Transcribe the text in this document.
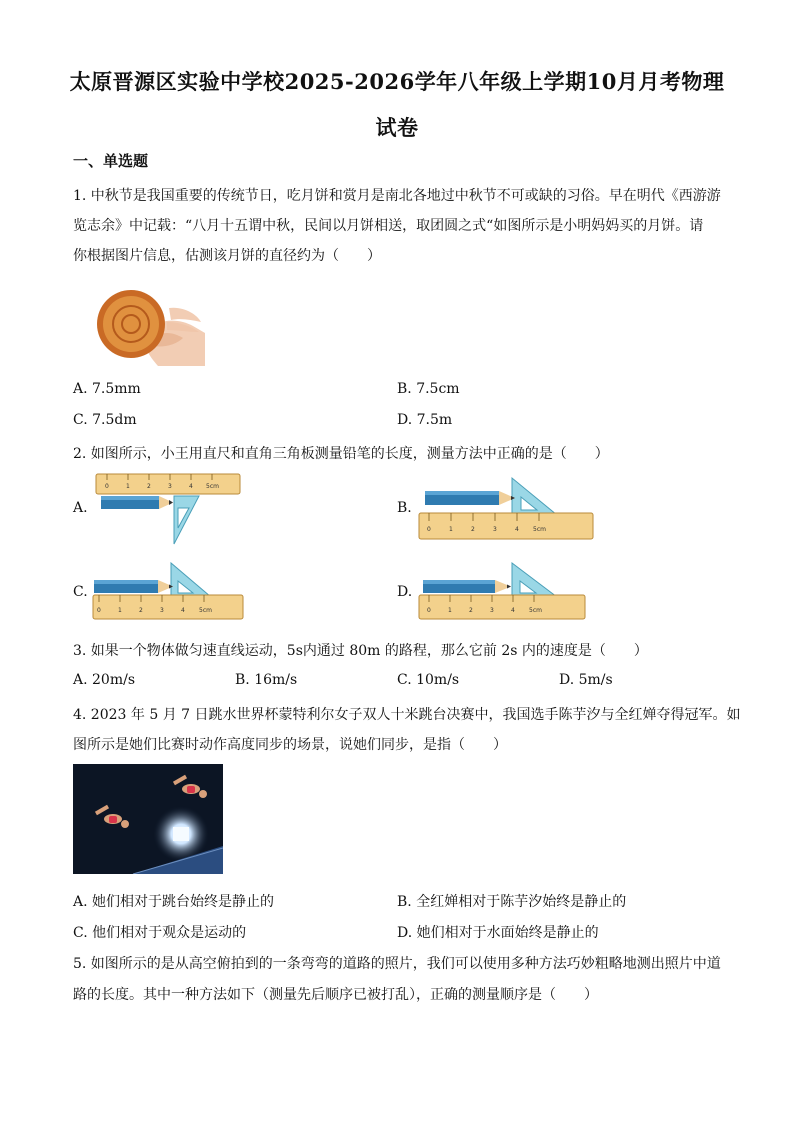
太原晋源区实验中学校2025-2026学年八年级上学期10月月考物理
试卷
一、单选题
1. 中秋节是我国重要的传统节日，吃月饼和赏月是南北各地过中秋节不可或缺的习俗。早在明代《西游游
览志余》中记载：“八月十五谓中秋，民间以月饼相送，取团圆之式“如图所示是小明妈妈买的月饼。请
你根据图片信息，估测该月饼的直径约为（　　）
A. 7.5mm	B. 7.5cm
C. 7.5dm	D. 7.5m
2. 如图所示，小王用直尺和直角三角板测量铅笔的长度，测量方法中正确的是（　　）
A.
0	1	2	3	4 5cm
B.
0	1	2	3	4 5cm
C.
0	1	2	3	4 5cm
D.
0	1	2	3	4 5cm
3. 如果一个物体做匀速直线运动，5s内通过 80m 的路程，那么它前 2s 内的速度是（　　）
A. 20m/s	B. 16m/s	C. 10m/s	D. 5m/s
4. 2023 年 5 月 7 日跳水世界杯蒙特利尔女子双人十米跳台决赛中，我国选手陈芋汐与全红婵夺得冠军。如
图所示是她们比赛时动作高度同步的场景，说她们同步，是指（　　）
A. 她们相对于跳台始终是静止的	B. 全红婵相对于陈芋汐始终是静止的
C. 他们相对于观众是运动的	D. 她们相对于水面始终是静止的
5. 如图所示的是从高空俯拍到的一条弯弯的道路的照片，我们可以使用多种方法巧妙粗略地测出照片中道
路的长度。其中一种方法如下（测量先后顺序已被打乱），正确的测量顺序是（　　）
